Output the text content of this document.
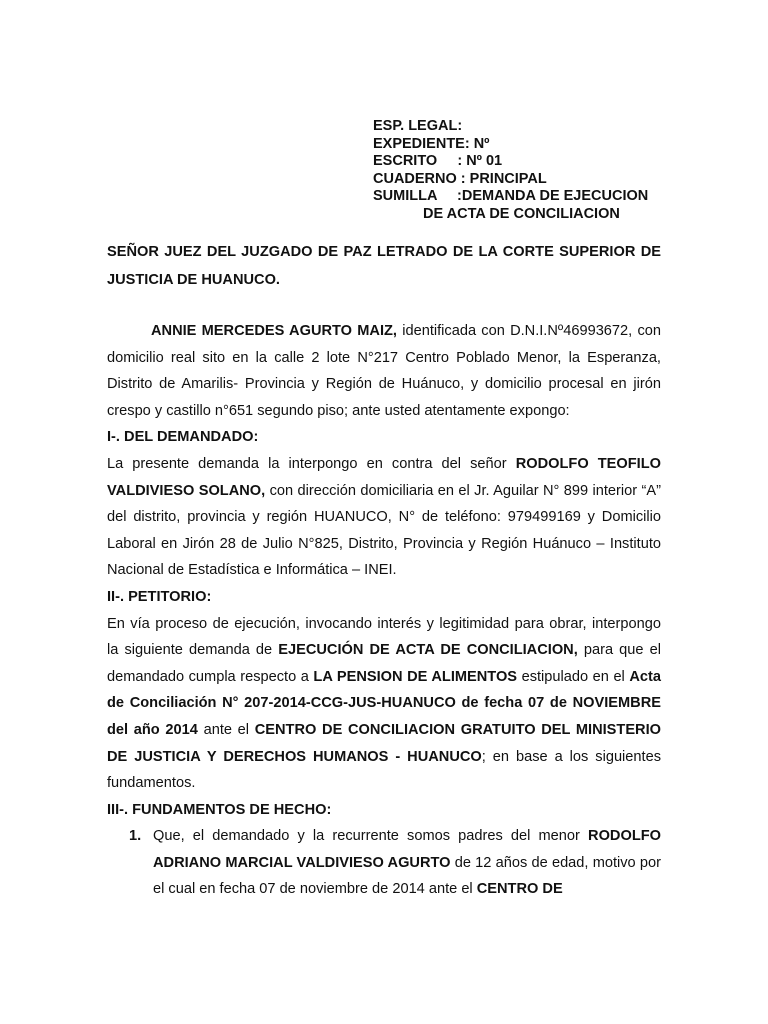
ESP. LEGAL:
EXPEDIENTE: Nº
ESCRITO     : Nº 01
CUADERNO : PRINCIPAL
SUMILLA     :DEMANDA DE EJECUCION
DE ACTA DE CONCILIACION
SEÑOR JUEZ DEL JUZGADO DE PAZ LETRADO DE LA CORTE SUPERIOR DE JUSTICIA DE HUANUCO.

ANNIE MERCEDES AGURTO MAIZ, identificada con D.N.I.Nº46993672, con domicilio real sito en la calle 2 lote N°217 Centro Poblado Menor, la Esperanza, Distrito de Amarilis- Provincia y Región de Huánuco, y domicilio procesal en jirón crespo y castillo n°651 segundo piso; ante usted atentamente expongo:

I-. DEL DEMANDADO:

La presente demanda la interpongo en contra del señor RODOLFO TEOFILO VALDIVIESO SOLANO, con dirección domiciliaria en el Jr. Aguilar N° 899 interior “A” del distrito, provincia y región HUANUCO, N° de teléfono: 979499169 y Domicilio Laboral en Jirón 28 de Julio N°825, Distrito, Provincia y Región Huánuco – Instituto Nacional de Estadística e Informática – INEI.

II-. PETITORIO:

En vía proceso de ejecución, invocando interés y legitimidad para obrar, interpongo la siguiente demanda de EJECUCIÓN DE ACTA DE CONCILIACION, para que el demandado cumpla respecto a LA PENSION DE ALIMENTOS estipulado en el Acta de Conciliación N° 207-2014-CCG-JUS-HUANUCO de fecha 07 de NOVIEMBRE del año 2014 ante el CENTRO DE CONCILIACION GRATUITO DEL MINISTERIO DE JUSTICIA Y DERECHOS HUMANOS - HUANUCO; en base a los siguientes fundamentos.

III-. FUNDAMENTOS DE HECHO:

1. Que, el demandado y la recurrente somos padres del menor RODOLFO ADRIANO MARCIAL VALDIVIESO AGURTO de 12 años de edad, motivo por el cual en fecha 07 de noviembre de 2014 ante el CENTRO DE
